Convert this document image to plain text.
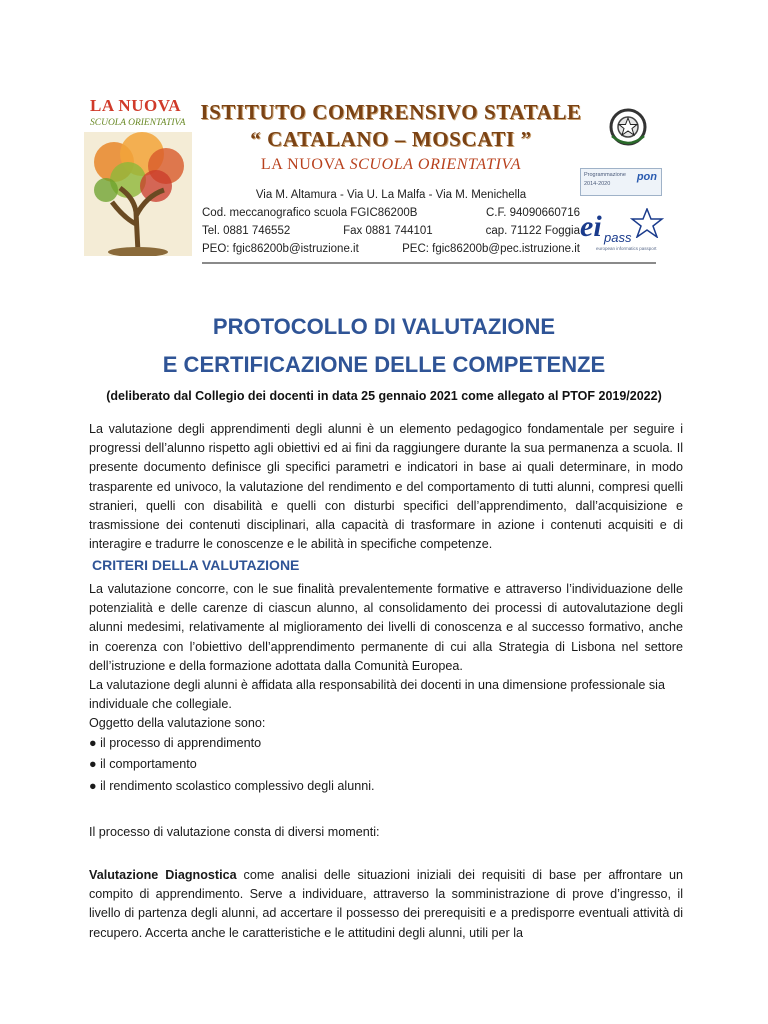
LA NUOVA
SCUOLA ORIENTATIVA ISTITUTO COMPRENSIVO STATALE
“ CATALANO – MOSCATI ”
LA NUOVA SCUOLA ORIENTATIVA
Via M. Altamura - Via U. La Malfa - Via M. Menichella
Cod. meccanografico scuola FGIC86200B	C.F. 94090660716
Tel. 0881 746552	Fax 0881 744101	cap. 71122 Foggia
PEO: fgic86200b@istruzione.it	PEC: fgic86200b@pec.istruzione.it
Programmazione
2014-2020
pon
ei pass
european informatics passport
PROTOCOLLO DI VALUTAZIONE
E CERTIFICAZIONE DELLE COMPETENZE
(deliberato dal Collegio dei docenti in data 25 gennaio 2021 come allegato al PTOF 2019/2022)
La valutazione degli apprendimenti degli alunni è un elemento pedagogico fondamentale per seguire i progressi dell’alunno rispetto agli obiettivi ed ai fini da raggiungere durante la sua permanenza a scuola. Il presente documento definisce gli specifici parametri e indicatori in base ai quali determinare, in modo trasparente ed univoco, la valutazione del rendimento e del comportamento di tutti alunni, compresi quelli stranieri, quelli con disabilità e quelli con disturbi specifici dell’apprendimento, dall’acquisizione e trasmissione dei contenuti disciplinari, alla capacità di trasformare in azione i contenuti acquisiti e di interagire e tradurre le conoscenze e le abilità in specifiche competenze.
CRITERI DELLA VALUTAZIONE
La valutazione concorre, con le sue finalità prevalentemente formative e attraverso l’individuazione delle potenzialità e delle carenze di ciascun alunno, al consolidamento dei processi di autovalutazione degli alunni medesimi, relativamente al miglioramento dei livelli di conoscenza e al successo formativo, anche in coerenza con l’obiettivo dell’apprendimento permanente di cui alla Strategia di Lisbona nel settore dell’istruzione e della formazione adottata dalla Comunità Europea.
La valutazione degli alunni è affidata alla responsabilità dei docenti in una dimensione professionale sia individuale che collegiale.
Oggetto della valutazione sono:
● il processo di apprendimento
● il comportamento
● il rendimento scolastico complessivo degli alunni.
Il processo di valutazione consta di diversi momenti:
Valutazione Diagnostica come analisi delle situazioni iniziali dei requisiti di base per affrontare un compito di apprendimento. Serve a individuare, attraverso la somministrazione di prove d’ingresso, il livello di partenza degli alunni, ad accertare il possesso dei prerequisiti e a predisporre eventuali attività di recupero. Accerta anche le caratteristiche e le attitudini degli alunni, utili per la
